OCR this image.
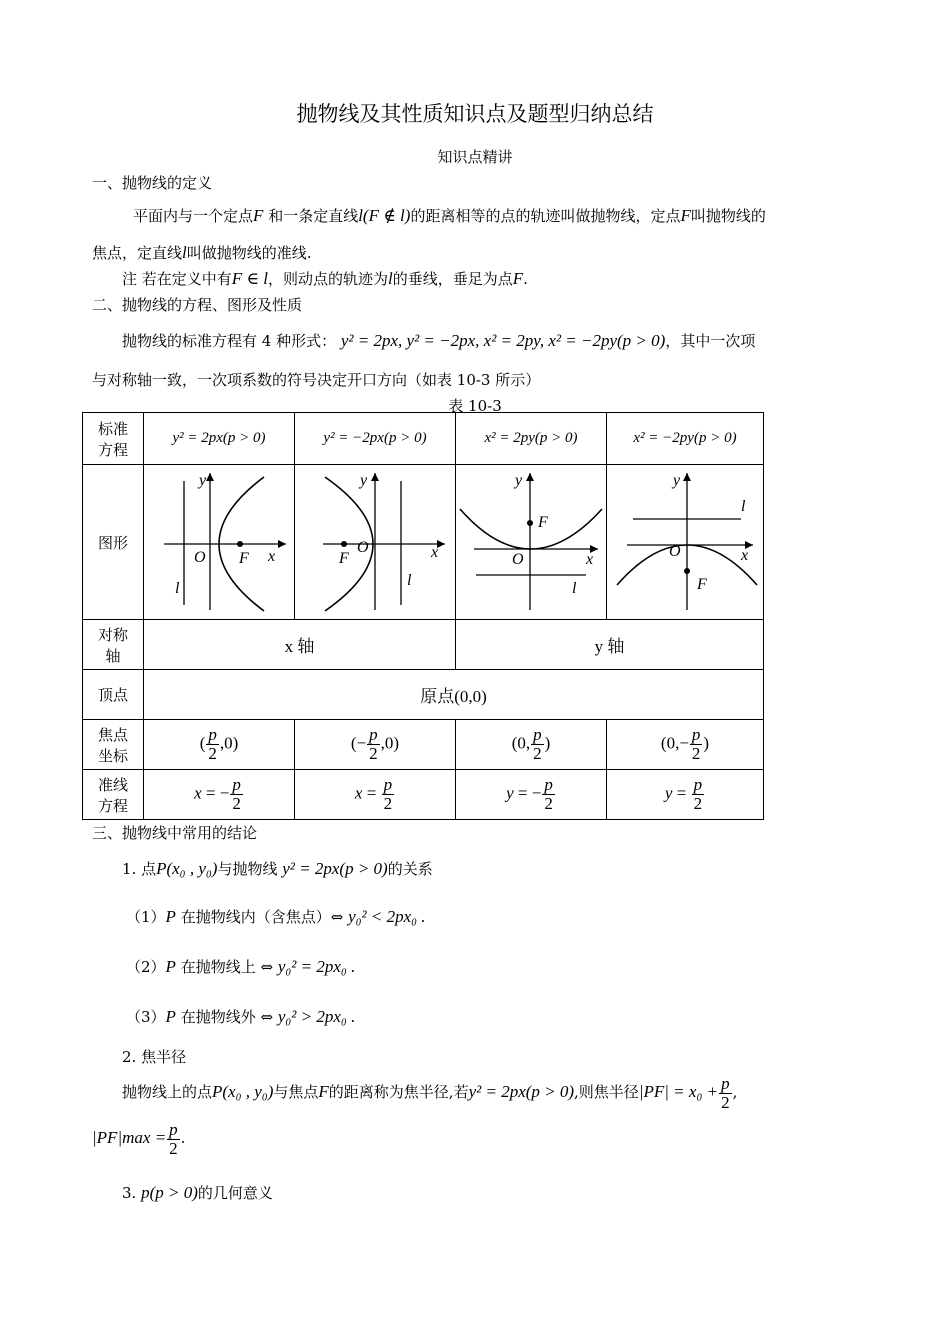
抛物线及其性质知识点及题型归纳总结
知识点精讲
一、抛物线的定义
平面内与一个定点F 和一条定直线l(F ∉ l)的距离相等的点的轨迹叫做抛物线，定点F叫抛物线的
焦点，定直线l叫做抛物线的准线.
注 若在定义中有F ∈ l，则动点的轨迹为l的垂线，垂足为点F.
二、抛物线的方程、图形及性质
抛物线的标准方程有 4 种形式： y² = 2px, y² = −2px, x² = 2py, x² = −2py(p > 0)，其中一次项
与对称轴一致，一次项系数的符号决定开口方向（如表 10-3 所示）
表 10-3
标准
方程	y² = 2px(p > 0)	y² = −2px(p > 0)	x² = 2py(p > 0)	x² = −2py(p > 0)
图形	y
O F x
l	y
O
F x
l	y
F
O x
l	y
l
O x
F

对称
轴	x 轴		y 轴	
顶点	原点(0,0)			
焦点
坐标	( $\frac{p}{2} ,0$)	(− $\frac{p}{2} ,0$)	(0, $\frac{p}{2}$ )	($0,- \frac{p}{2}$ )
准线
方程	x = − $\frac{p}{2}$	$x = \frac{p}{2}$	y = − $\frac{p}{2}$	$y = \frac{p}{2}$
三、抛物线中常用的结论
1. 点P(x₀ , y₀)与抛物线 y² = 2px(p > 0)的关系
（1）P 在抛物线内（含焦点）⇔ y₀² < 2px₀ .
（2）P 在抛物线上 ⇔ y₀² = 2px₀ .
（3）P 在抛物线外 ⇔ y₀² > 2px₀ .
2. 焦半径
抛物线上的点P(x₀ , y₀)与焦点F的距离称为焦半径,若y² = 2px(p > 0),则焦半径$|PF| = x_0 + \frac{p}{2}$ ,
$|PF|\max = \frac{p}{2}$ .
3. p(p > 0)的几何意义
